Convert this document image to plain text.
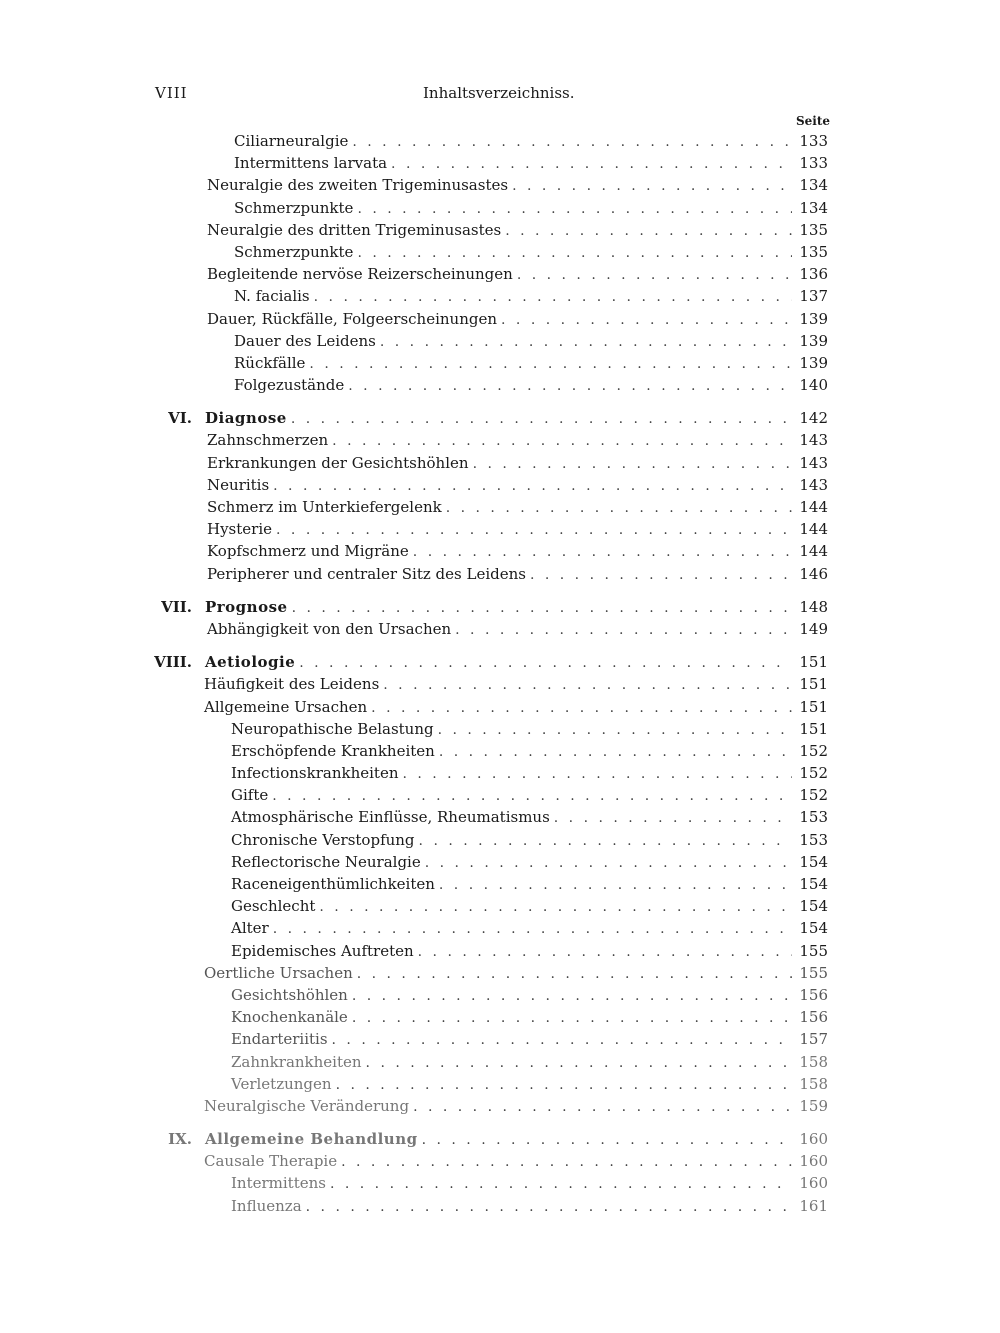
VIII	Inhaltsverzeichniss.
Seite
Ciliarneuralgie . . .	133
Intermittens larvata . . .	133
Neuralgie des zweiten Trigeminusastes . . .	134
Schmerzpunkte . . .	134
Neuralgie des dritten Trigeminusastes . . .	135
Schmerzpunkte . . .	135
Begleitende nervöse Reizerscheinungen . . .	136
N. facialis . . .	137
Dauer, Rückfälle, Folgeerscheinungen . . .	139
Dauer des Leidens . . .	139
Rückfälle . . .	139
Folgezustände . . .	140
VI. Diagnose . . .	142
Zahnschmerzen . . .	143
Erkrankungen der Gesichtshöhlen . . .	143
Neuritis . . .	143
Schmerz im Unterkiefergelenk . . .	144
Hysterie . . .	144
Kopfschmerz und Migräne . . .	144
Peripherer und centraler Sitz des Leidens . . .	146
VII. Prognose . . .	148
Abhängigkeit von den Ursachen . . .	149
VIII. Aetiologie . . .	151
Häufigkeit des Leidens . . .	151
Allgemeine Ursachen . . .	151
Neuropathische Belastung . . .	151
Erschöpfende Krankheiten . . .	152
Infectionskrankheiten . . .	152
Gifte . . .	152
Atmosphärische Einflüsse, Rheumatismus . . .	153
Chronische Verstopfung . . .	153
Reflectorische Neuralgie . . .	154
Raceneigenthümlichkeiten . . .	154
Geschlecht . . .	154
Alter . . .	154
Epidemisches Auftreten . . .	155
Oertliche Ursachen . . .	155
Gesichtshöhlen . . .	156
Knochenkanäle . . .	156
Endarteriitis . . .	157
Zahnkrankheiten . . .	158
Verletzungen . . .	158
Neuralgische Veränderung . . .	159
IX. Allgemeine Behandlung . . .	160
Causale Therapie . . .	160
Intermittens . . .	160
Influenza . . .	161
